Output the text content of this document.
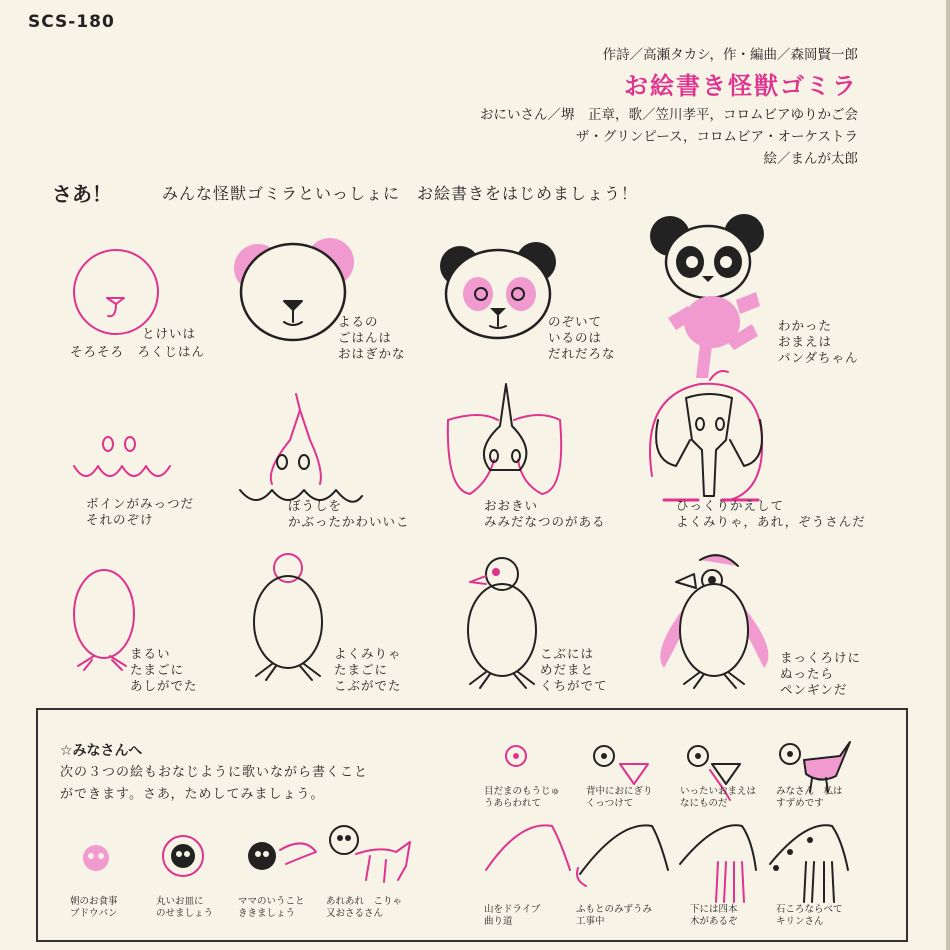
SCS-180
作詩／高瀬タカシ，作・編曲／森岡賢一郎
お絵書き怪獣ゴミラ
おにいさん／堺　正章，歌／笠川孝平，コロムビアゆりかご会
ザ・グリンピース，コロムビア・オーケストラ
絵／まんが太郎
さあ！	みんな怪獣ゴミラといっしょに　お絵書きをはじめましょう！
とけいは
そろそろ　ろくじはん
よるの
ごはんは
おはぎかな
のぞいて
いるのは
だれだろな
わかった
おまえは
パンダちゃん
ボインがみっつだ
それのぞけ
ぼうしを
かぶったかわいいこ
おおきい
みみだなつのがある
ひっくりかえして
よくみりゃ，あれ，ぞうさんだ
まるい
たまごに
あしがでた
よくみりゃ
たまごに
こぶがでた
こぶには
めだまと
くちがでて
まっくろけに
ぬったら
ペンギンだ
☆みなさんへ
次の３つの絵もおなじように歌いながら書くこと
ができます。さあ，ためしてみましょう。
朝のお食事
ブドウパン
丸いお皿に
のせましょう
ママのいうこと
ききましょう
あれあれ　こりゃ
又おさるさん
目だまのもうじゅ
うあらわれて
背中におにぎり
くっつけて
いったいおまえは
なにものだ
みなさん　私は
すずめです
山をドライブ
曲り道
ふもとのみずうみ
工事中
下には四本
木があるぞ
石ころならべて
キリンさん
